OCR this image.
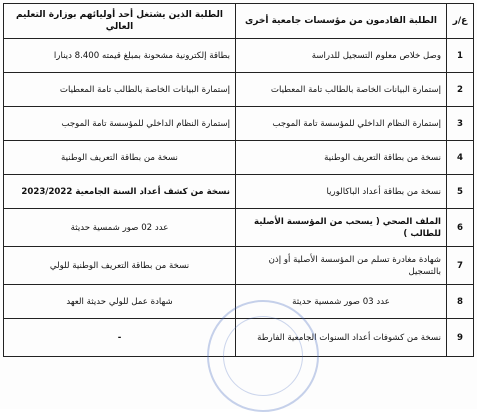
ع/ر	الطلبة القادمون من مؤسسات جامعية أخرى	الطلبة الذين يشتغل أحد أوليائهم بوزارة التعليم العالي
1	وصل خلاص معلوم التسجيل للدراسة	بطاقة إلكترونية مشحونة بمبلغ قيمته 8.400 دينارا
2	إستمارة البيانات الخاصة بالطالب تامة المعطيات	إستمارة البيانات الخاصة بالطالب تامة المعطيات
3	إستمارة النظام الداخلي للمؤسسة تامة الموجب	إستمارة النظام الداخلي للمؤسسة تامة الموجب
4	نسخة من بطاقة التعريف الوطنية	نسخة من بطاقة التعريف الوطنية
5	نسخة من بطاقة أعداد الباكالوريا	نسخة من كشف أعداد السنة الجامعية 2023/2022
6	الملف الصحي ( يسحب من المؤسسة الأصلية للطالب )	عدد 02 صور شمسية حديثة
7	شهادة مغادرة تسلم من المؤسسة الأصلية أو إذن بالتسجيل	نسخة من بطاقة التعريف الوطنية للولي
8	عدد 03 صور شمسية حديثة	شهادة عمل للولي حديثة العهد
9	نسخة من كشوفات أعداد السنوات الجامعية الفارطة	-
